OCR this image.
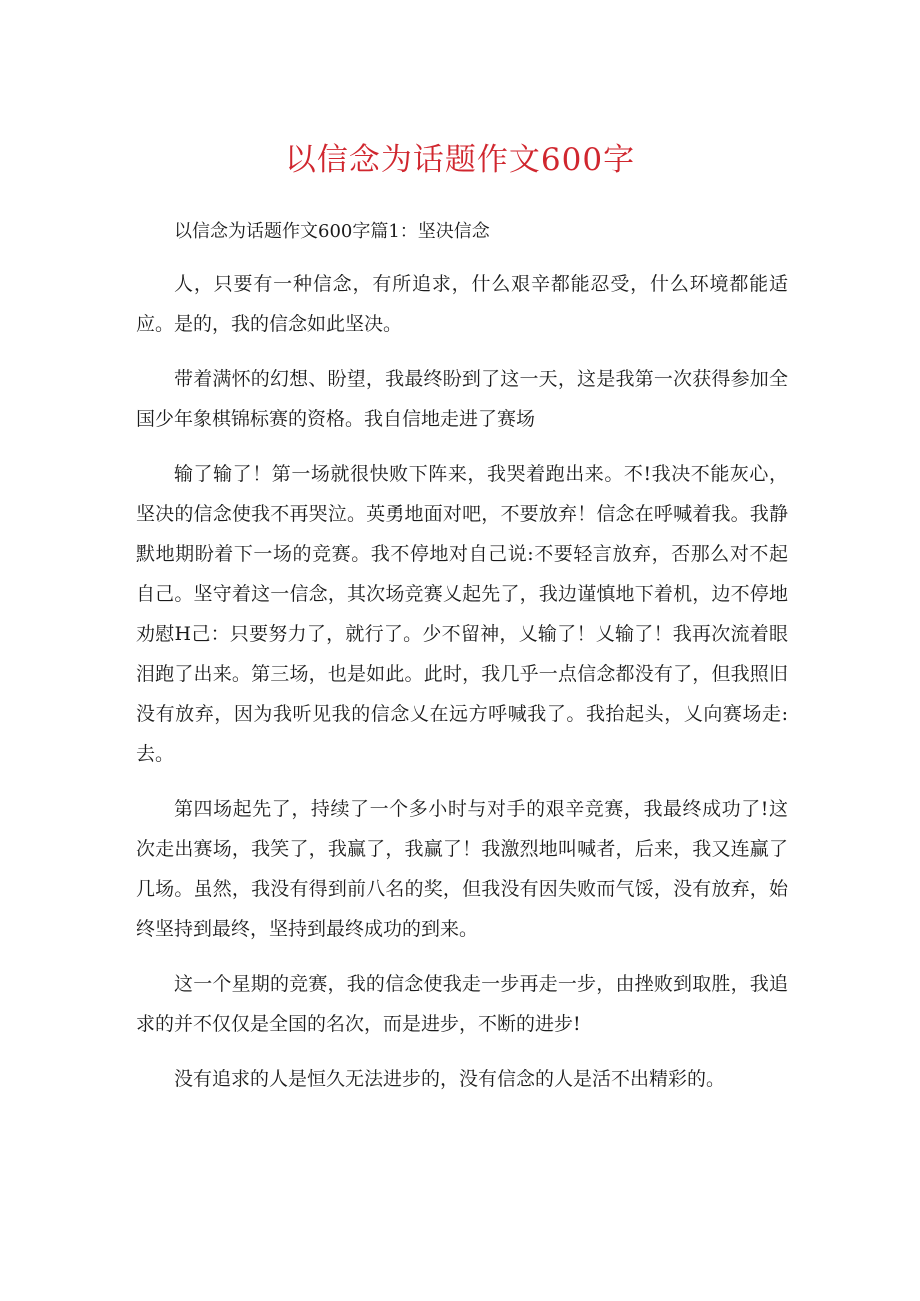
以信念为话题作文600字

以信念为话题作文600字篇1：坚决信念

人，只要有一种信念，有所追求，什么艰辛都能忍受，什么环境都能适应。是的，我的信念如此坚决。

带着满怀的幻想、盼望，我最终盼到了这一天，这是我第一次获得参加全国少年象棋锦标赛的资格。我自信地走进了赛场

输了输了！第一场就很快败下阵来，我哭着跑出来。不!我决不能灰心，坚决的信念使我不再哭泣。英勇地面对吧，不要放弃！信念在呼喊着我。我静默地期盼着下一场的竞赛。我不停地对自己说:不要轻言放弃，否那么对不起自己。坚守着这一信念，其次场竞赛乂起先了，我边谨慎地下着机，边不停地劝慰H己：只要努力了，就行了。少不留神，乂输了！乂输了！我再次流着眼泪跑了出来。第三场，也是如此。此时，我几乎一点信念都没有了，但我照旧没有放弃，因为我听见我的信念乂在远方呼喊我了。我抬起头，乂向赛场走:去。

第四场起先了，持续了一个多小时与对手的艰辛竞赛，我最终成功了!这次走出赛场，我笑了，我赢了，我赢了！我激烈地叫喊者，后来，我又连赢了几场。虽然，我没有得到前八名的奖，但我没有因失败而气馁，没有放弃，始终坚持到最终，坚持到最终成功的到来。

这一个星期的竞赛，我的信念使我走一步再走一步，由挫败到取胜，我追求的并不仅仅是全国的名次，而是进步，不断的进步!

没有追求的人是恒久无法进步的，没有信念的人是活不出精彩的。
